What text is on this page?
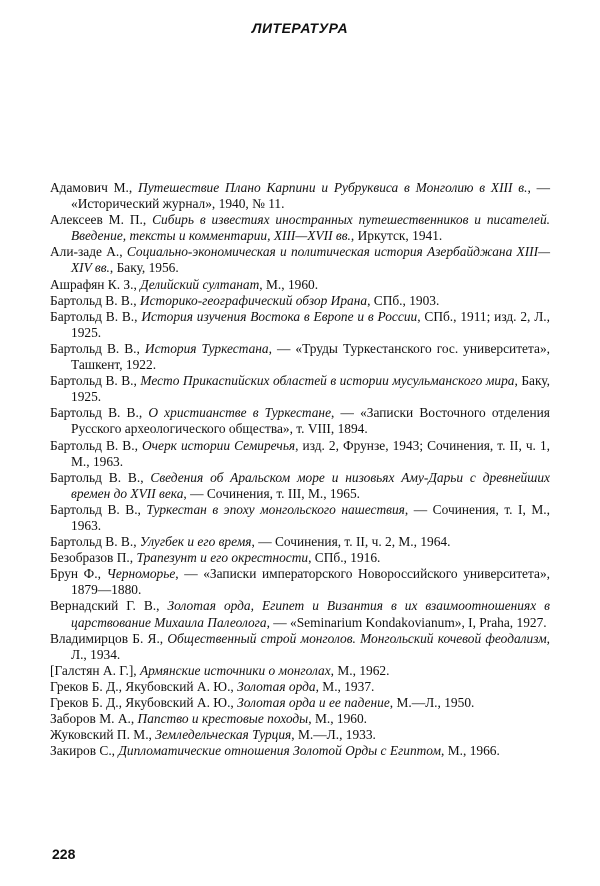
ЛИТЕРАТУРА
Адамович М., Путешествие Плано Карпини и Рубруквиса в Монголию в XIII в., — «Исторический журнал», 1940, № 11.
Алексеев М. П., Сибирь в известиях иностранных путешественников и писателей. Введение, тексты и комментарии, XIII—XVII вв., Иркутск, 1941.
Али-заде А., Социально-экономическая и политическая история Азербайджана XIII—XIV вв., Баку, 1956.
Ашрафян К. З., Делийский султанат, М., 1960.
Бартольд В. В., Историко-географический обзор Ирана, СПб., 1903.
Бартольд В. В., История изучения Востока в Европе и в России, СПб., 1911; изд. 2, Л., 1925.
Бартольд В. В., История Туркестана, — «Труды Туркестанского гос. университета», Ташкент, 1922.
Бартольд В. В., Место Прикаспийских областей в истории мусульманского мира, Баку, 1925.
Бартольд В. В., О христианстве в Туркестане, — «Записки Восточного отделения Русского археологического общества», т. VIII, 1894.
Бартольд В. В., Очерк истории Семиречья, изд. 2, Фрунзе, 1943; Сочинения, т. II, ч. 1, М., 1963.
Бартольд В. В., Сведения об Аральском море и низовьях Аму-Дарьи с древнейших времен до XVII века, — Сочинения, т. III, М., 1965.
Бартольд В. В., Туркестан в эпоху монгольского нашествия, — Сочинения, т. I, М., 1963.
Бартольд В. В., Улугбек и его время, — Сочинения, т. II, ч. 2, М., 1964.
Безобразов П., Трапезунт и его окрестности, СПб., 1916.
Брун Ф., Черноморье, — «Записки императорского Новороссийского университета», 1879—1880.
Вернадский Г. В., Золотая орда, Египет и Византия в их взаимоотношениях в царствование Михаила Палеолога, — «Seminarium Kondakovianum», I, Praha, 1927.
Владимирцов Б. Я., Общественный строй монголов. Монгольский кочевой феодализм, Л., 1934.
[Галстян А. Г.], Армянские источники о монголах, М., 1962.
Греков Б. Д., Якубовский А. Ю., Золотая орда, М., 1937.
Греков Б. Д., Якубовский А. Ю., Золотая орда и ее падение, М.—Л., 1950.
Заборов М. А., Папство и крестовые походы, М., 1960.
Жуковский П. М., Земледельческая Турция, М.—Л., 1933.
Закиров С., Дипломатические отношения Золотой Орды с Египтом, М., 1966.
228
